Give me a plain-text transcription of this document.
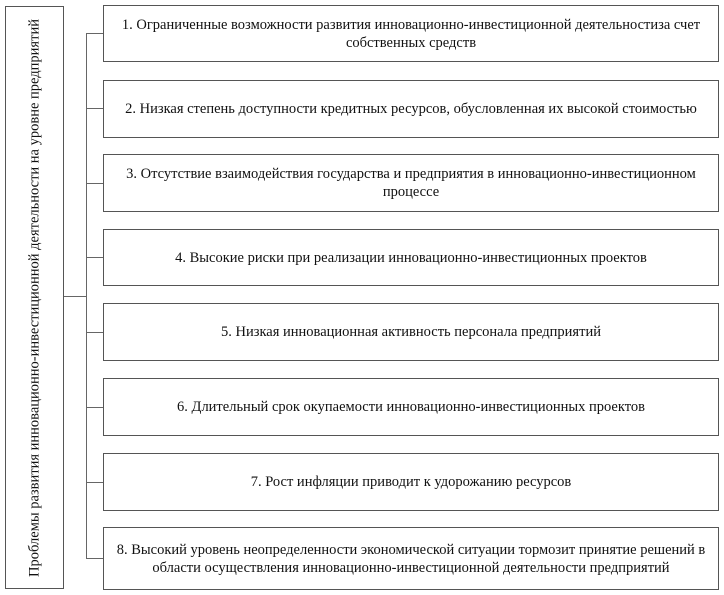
Проблемы развития инновационно-инвестиционной деятельности на уровне предприятий	1. Ограниченные возможности развития инновационно-инвестиционной деятельностиза счет собственных средств
2. Низкая степень доступности кредитных ресурсов, обусловленная их высокой стоимостью
3. Отсутствие взаимодействия государства и предприятия в инновационно-инвестиционном процессе
4. Высокие риски при реализации инновационно-инвестиционных проектов
5. Низкая инновационная активность персонала предприятий
6. Длительный срок окупаемости инновационно-инвестиционных проектов
7. Рост инфляции приводит к удорожанию ресурсов
8. Высокий уровень неопределенности экономической ситуации тормозит принятие решений в области осуществления инновационно-инвестиционной деятельности предприятий
